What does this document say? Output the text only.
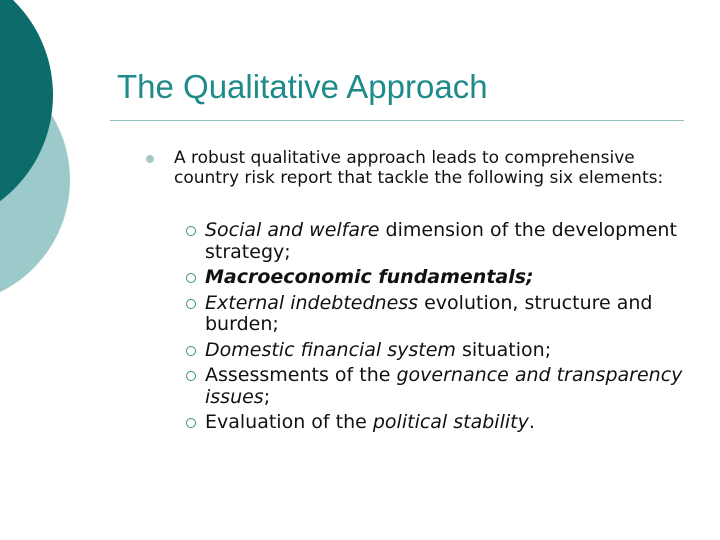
The Qualitative Approach
A robust qualitative approach leads to comprehensive country risk report that tackle the following six elements:
Social and welfare dimension of the development strategy;
Macroeconomic fundamentals;
External indebtedness evolution, structure and burden;
Domestic financial system situation;
Assessments of the governance and transparency issues;
Evaluation of the political stability.
